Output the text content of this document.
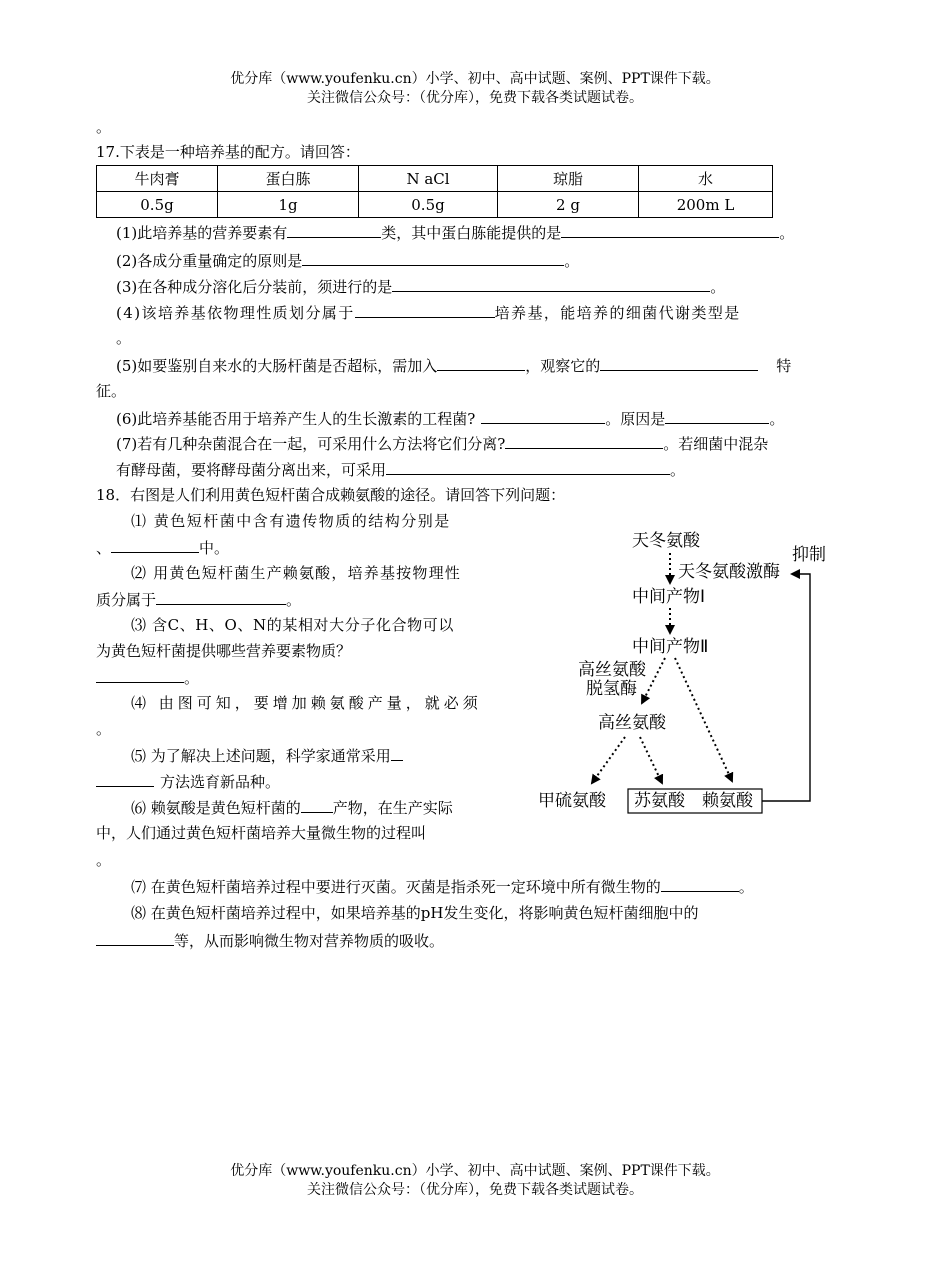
优分库（www.youfenku.cn）小学、初中、高中试题、案例、PPT课件下载。
关注微信公众号：（优分库），免费下载各类试题试卷。
。
17.下表是一种培养基的配方。请回答：
牛肉膏	蛋白胨	N aCl	琼脂	水
0.5g	1g	0.5g	2 g	200m L
(1)此培养基的营养要素有	类，其中蛋白胨能提供的是	。
(2)各成分重量确定的原则是	。
(3)在各种成分溶化后分装前，须进行的是	。
(4)该培养基依物理性质划分属于	培养基，能培养的细菌代谢类型是
。
(5)如要鉴别自来水的大肠杆菌是否超标，需加入	，观察它的	特
征。
(6)此培养基能否用于培养产生人的生长激素的工程菌?	。原因是	。
(7)若有几种杂菌混合在一起，可采用什么方法将它们分离?	。若细菌中混杂
有酵母菌，要将酵母菌分离出来，可采用	。
18．右图是人们利用黄色短杆菌合成赖氨酸的途径。请回答下列问题：
⑴ 黄色短杆菌中含有遗传物质的结构分别是
、	中。
⑵ 用黄色短杆菌生产赖氨酸，培养基按物理性
质分属于	。
⑶ 含C、H、O、N的某相对大分子化合物可以
为黄色短杆菌提供哪些营养要素物质？
。
⑷ 由图可知，要增加赖氨酸产量，就必须
。
⑸ 为了解决上述问题，科学家通常采用
方法选育新品种。
⑹ 赖氨酸是黄色短杆菌的 产物，在生产实际
中，人们通过黄色短杆菌培养大量微生物的过程叫
。
⑺ 在黄色短杆菌培养过程中要进行灭菌。灭菌是指杀死一定环境中所有微生物的	。
⑻ 在黄色短杆菌培养过程中，如果培养基的pH发生变化，将影响黄色短杆菌细胞中的
等，从而影响微生物对营养物质的吸收。
天冬氨酸
天冬氨酸激酶
抑制
中间产物Ⅰ
中间产物Ⅱ
高丝氨酸
脱氢酶
高丝氨酸
甲硫氨酸 苏氨酸 赖氨酸
优分库（www.youfenku.cn）小学、初中、高中试题、案例、PPT课件下载。
关注微信公众号：（优分库），免费下载各类试题试卷。
